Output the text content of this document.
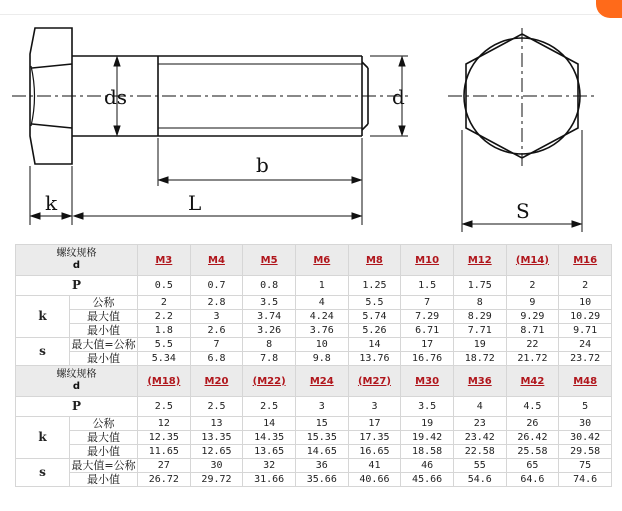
ds	d
b
k	L	S
螺纹规格
d		M3	M4	M5	M6	M8	M10	M12	(M14)	M16
P		0.5	0.7	0.8	1	1.25	1.5	1.75	2	2
k	公称	2	2.8	3.5	4	5.5	7	8	9	10
	最大值	2.2	3	3.74	4.24	5.74	7.29	8.29	9.29	10.29
	最小值	1.8	2.6	3.26	3.76	5.26	6.71	7.71	8.71	9.71
s	最大值=公称	5.5	7	8	10	14	17	19	22	24
	最小值	5.34	6.8	7.8	9.8	13.76	16.76	18.72	21.72	23.72

螺纹规格
d		(M18)	M20	(M22)	M24	(M27)	M30	M36	M42	M48
P		2.5	2.5	2.5	3	3	3.5	4	4.5	5
k	公称	12	13	14	15	17	19	23	26	30
	最大值	12.35	13.35	14.35	15.35	17.35	19.42	23.42	26.42	30.42
	最小值	11.65	12.65	13.65	14.65	16.65	18.58	22.58	25.58	29.58
s	最大值=公称	27	30	32	36	41	46	55	65	75
	最小值	26.72	29.72	31.66	35.66	40.66	45.66	54.6	64.6	74.6
